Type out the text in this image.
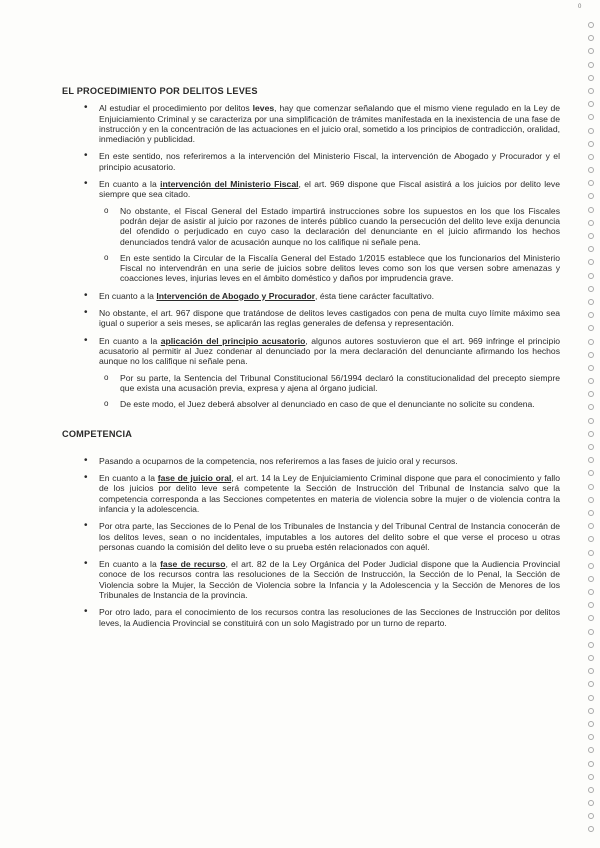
0
EL PROCEDIMIENTO POR DELITOS LEVES
• Al estudiar el procedimiento por delitos leves, hay que comenzar señalando que el mismo viene regulado en la Ley de Enjuiciamiento Criminal y se caracteriza por una simplificación de trámites manifestada en la inexistencia de una fase de instrucción y en la concentración de las actuaciones en el juicio oral, sometido a los principios de contradicción, oralidad, inmediación y publicidad.
• En este sentido, nos referiremos a la intervención del Ministerio Fiscal, la intervención de Abogado y Procurador y el principio acusatorio.
• En cuanto a la intervención del Ministerio Fiscal, el art. 969 dispone que Fiscal asistirá a los juicios por delito leve siempre que sea citado.
o No obstante, el Fiscal General del Estado impartirá instrucciones sobre los supuestos en los que los Fiscales podrán dejar de asistir al juicio por razones de interés público cuando la persecución del delito leve exija denuncia del ofendido o perjudicado en cuyo caso la declaración del denunciante en el juicio afirmando los hechos denunciados tendrá valor de acusación aunque no los califique ni señale pena.
o En este sentido la Circular de la Fiscalía General del Estado 1/2015 establece que los funcionarios del Ministerio Fiscal no intervendrán en una serie de juicios sobre delitos leves como son los que versen sobre amenazas y coacciones leves, injurias leves en el ámbito doméstico y daños por imprudencia grave.
• En cuanto a la Intervención de Abogado y Procurador, ésta tiene carácter facultativo.
• No obstante, el art. 967 dispone que tratándose de delitos leves castigados con pena de multa cuyo límite máximo sea igual o superior a seis meses, se aplicarán las reglas generales de defensa y representación.
• En cuanto a la aplicación del principio acusatorio, algunos autores sostuvieron que el art. 969 infringe el principio acusatorio al permitir al Juez condenar al denunciado por la mera declaración del denunciante afirmando los hechos aunque no los califique ni señale pena.
o Por su parte, la Sentencia del Tribunal Constitucional 56/1994 declaró la constitucionalidad del precepto siempre que exista una acusación previa, expresa y ajena al órgano judicial.
o De este modo, el Juez deberá absolver al denunciado en caso de que el denunciante no solicite su condena.
COMPETENCIA
• Pasando a ocuparnos de la competencia, nos referiremos a las fases de juicio oral y recursos.
• En cuanto a la fase de juicio oral, el art. 14 la Ley de Enjuiciamiento Criminal dispone que para el conocimiento y fallo de los juicios por delito leve será competente la Sección de Instrucción del Tribunal de Instancia salvo que la competencia corresponda a las Secciones competentes en materia de violencia sobre la mujer o de violencia contra la infancia y la adolescencia.
• Por otra parte, las Secciones de lo Penal de los Tribunales de Instancia y del Tribunal Central de Instancia conocerán de los delitos leves, sean o no incidentales, imputables a los autores del delito sobre el que verse el proceso u otras personas cuando la comisión del delito leve o su prueba estén relacionados con aquél.
• En cuanto a la fase de recurso, el art. 82 de la Ley Orgánica del Poder Judicial dispone que la Audiencia Provincial conoce de los recursos contra las resoluciones de la Sección de Instrucción, la Sección de lo Penal, la Sección de Violencia sobre la Mujer, la Sección de Violencia sobre la Infancia y la Adolescencia y la Sección de Menores de los Tribunales de Instancia de la provincia.
• Por otro lado, para el conocimiento de los recursos contra las resoluciones de las Secciones de Instrucción por delitos leves, la Audiencia Provincial se constituirá con un solo Magistrado por un turno de reparto.
